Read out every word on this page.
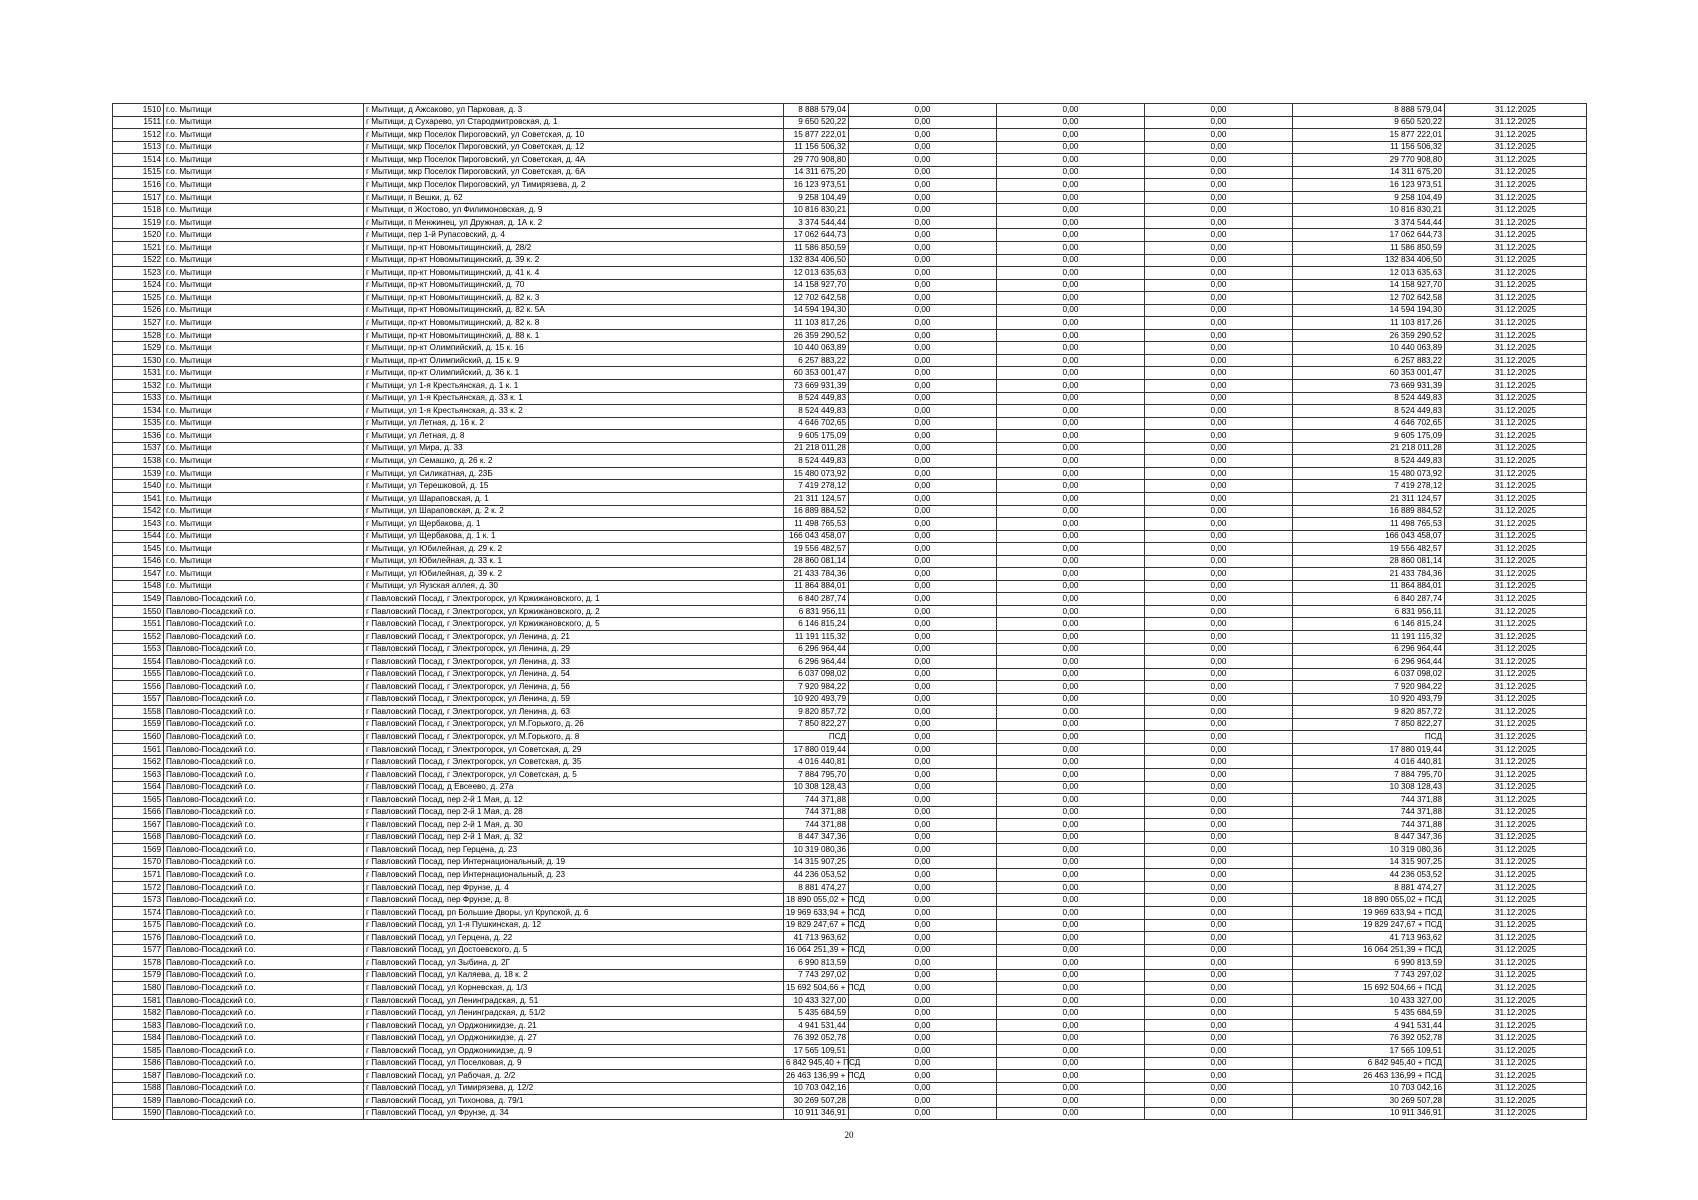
1510	г.о. Мытищи	г Мытищи, д Ажсаково, ул Парковая, д. 3	8 888 579,04	0,00	0,00	0,00	8 888 579,04	31.12.2025
1511	г.о. Мытищи	г Мытищи, д Сухарево, ул Стародмитровская, д. 1	9 650 520,22	0,00	0,00	0,00	9 650 520,22	31.12.2025
1512	г.о. Мытищи	г Мытищи, мкр Поселок Пироговский, ул Советская, д. 10	15 877 222,01	0,00	0,00	0,00	15 877 222,01	31.12.2025
1513	г.о. Мытищи	г Мытищи, мкр Поселок Пироговский, ул Советская, д. 12	11 156 506,32	0,00	0,00	0,00	11 156 506,32	31.12.2025
1514	г.о. Мытищи	г Мытищи, мкр Поселок Пироговский, ул Советская, д. 4А	29 770 908,80	0,00	0,00	0,00	29 770 908,80	31.12.2025
1515	г.о. Мытищи	г Мытищи, мкр Поселок Пироговский, ул Советская, д. 6А	14 311 675,20	0,00	0,00	0,00	14 311 675,20	31.12.2025
1516	г.о. Мытищи	г Мытищи, мкр Поселок Пироговский, ул Тимирязева, д. 2	16 123 973,51	0,00	0,00	0,00	16 123 973,51	31.12.2025
1517	г.о. Мытищи	г Мытищи, п Вешки, д. 62	9 258 104,49	0,00	0,00	0,00	9 258 104,49	31.12.2025
1518	г.о. Мытищи	г Мытищи, п Жостово, ул Филимоновская, д. 9	10 816 830,21	0,00	0,00	0,00	10 816 830,21	31.12.2025
1519	г.о. Мытищи	г Мытищи, п Менжинец, ул Дружная, д. 1А к. 2	3 374 544,44	0,00	0,00	0,00	3 374 544,44	31.12.2025
1520	г.о. Мытищи	г Мытищи, пер 1-й Рупасовский, д. 4	17 062 644,73	0,00	0,00	0,00	17 062 644,73	31.12.2025
1521	г.о. Мытищи	г Мытищи, пр-кт Новомытищинский, д. 28/2	11 586 850,59	0,00	0,00	0,00	11 586 850,59	31.12.2025
1522	г.о. Мытищи	г Мытищи, пр-кт Новомытищинский, д. 39 к. 2	132 834 406,50	0,00	0,00	0,00	132 834 406,50	31.12.2025
1523	г.о. Мытищи	г Мытищи, пр-кт Новомытищинский, д. 41 к. 4	12 013 635,63	0,00	0,00	0,00	12 013 635,63	31.12.2025
1524	г.о. Мытищи	г Мытищи, пр-кт Новомытищинский, д. 70	14 158 927,70	0,00	0,00	0,00	14 158 927,70	31.12.2025
1525	г.о. Мытищи	г Мытищи, пр-кт Новомытищинский, д. 82 к. 3	12 702 642,58	0,00	0,00	0,00	12 702 642,58	31.12.2025
1526	г.о. Мытищи	г Мытищи, пр-кт Новомытищинский, д. 82 к. 5А	14 594 194,30	0,00	0,00	0,00	14 594 194,30	31.12.2025
1527	г.о. Мытищи	г Мытищи, пр-кт Новомытищинский, д. 82 к. 8	11 103 817,26	0,00	0,00	0,00	11 103 817,26	31.12.2025
1528	г.о. Мытищи	г Мытищи, пр-кт Новомытищинский, д. 88 к. 1	26 359 290,52	0,00	0,00	0,00	26 359 290,52	31.12.2025
1529	г.о. Мытищи	г Мытищи, пр-кт Олимпийский, д. 15 к. 16	10 440 063,89	0,00	0,00	0,00	10 440 063,89	31.12.2025
1530	г.о. Мытищи	г Мытищи, пр-кт Олимпийский, д. 15 к. 9	6 257 883,22	0,00	0,00	0,00	6 257 883,22	31.12.2025
1531	г.о. Мытищи	г Мытищи, пр-кт Олимпийский, д. 36 к. 1	60 353 001,47	0,00	0,00	0,00	60 353 001,47	31.12.2025
1532	г.о. Мытищи	г Мытищи, ул 1-я Крестьянская, д. 1 к. 1	73 669 931,39	0,00	0,00	0,00	73 669 931,39	31.12.2025
1533	г.о. Мытищи	г Мытищи, ул 1-я Крестьянская, д. 33 к. 1	8 524 449,83	0,00	0,00	0,00	8 524 449,83	31.12.2025
1534	г.о. Мытищи	г Мытищи, ул 1-я Крестьянская, д. 33 к. 2	8 524 449,83	0,00	0,00	0,00	8 524 449,83	31.12.2025
1535	г.о. Мытищи	г Мытищи, ул Летная, д. 16 к. 2	4 646 702,65	0,00	0,00	0,00	4 646 702,65	31.12.2025
1536	г.о. Мытищи	г Мытищи, ул Летная, д. 8	9 605 175,09	0,00	0,00	0,00	9 605 175,09	31.12.2025
1537	г.о. Мытищи	г Мытищи, ул Мира, д. 33	21 218 011,28	0,00	0,00	0,00	21 218 011,28	31.12.2025
1538	г.о. Мытищи	г Мытищи, ул Семашко, д. 26 к. 2	8 524 449,83	0,00	0,00	0,00	8 524 449,83	31.12.2025
1539	г.о. Мытищи	г Мытищи, ул Силикатная, д. 23Б	15 480 073,92	0,00	0,00	0,00	15 480 073,92	31.12.2025
1540	г.о. Мытищи	г Мытищи, ул Терешковой, д. 15	7 419 278,12	0,00	0,00	0,00	7 419 278,12	31.12.2025
1541	г.о. Мытищи	г Мытищи, ул Шараповская, д. 1	21 311 124,57	0,00	0,00	0,00	21 311 124,57	31.12.2025
1542	г.о. Мытищи	г Мытищи, ул Шараповская, д. 2 к. 2	16 889 884,52	0,00	0,00	0,00	16 889 884,52	31.12.2025
1543	г.о. Мытищи	г Мытищи, ул Щербакова, д. 1	11 498 765,53	0,00	0,00	0,00	11 498 765,53	31.12.2025
1544	г.о. Мытищи	г Мытищи, ул Щербакова, д. 1 к. 1	166 043 458,07	0,00	0,00	0,00	166 043 458,07	31.12.2025
1545	г.о. Мытищи	г Мытищи, ул Юбилейная, д. 29 к. 2	19 556 482,57	0,00	0,00	0,00	19 556 482,57	31.12.2025
1546	г.о. Мытищи	г Мытищи, ул Юбилейная, д. 33 к. 1	28 860 081,14	0,00	0,00	0,00	28 860 081,14	31.12.2025
1547	г.о. Мытищи	г Мытищи, ул Юбилейная, д. 39 к. 2	21 433 784,36	0,00	0,00	0,00	21 433 784,36	31.12.2025
1548	г.о. Мытищи	г Мытищи, ул Яузская аллея, д. 30	11 864 884,01	0,00	0,00	0,00	11 864 884,01	31.12.2025
1549	Павлово-Посадский г.о.	г Павловский Посад, г Электрогорск, ул Кржижановского, д. 1	6 840 287,74	0,00	0,00	0,00	6 840 287,74	31.12.2025
1550	Павлово-Посадский г.о.	г Павловский Посад, г Электрогорск, ул Кржижановского, д. 2	6 831 956,11	0,00	0,00	0,00	6 831 956,11	31.12.2025
1551	Павлово-Посадский г.о.	г Павловский Посад, г Электрогорск, ул Кржижановского, д. 5	6 146 815,24	0,00	0,00	0,00	6 146 815,24	31.12.2025
1552	Павлово-Посадский г.о.	г Павловский Посад, г Электрогорск, ул Ленина, д. 21	11 191 115,32	0,00	0,00	0,00	11 191 115,32	31.12.2025
1553	Павлово-Посадский г.о.	г Павловский Посад, г Электрогорск, ул Ленина, д. 29	6 296 964,44	0,00	0,00	0,00	6 296 964,44	31.12.2025
1554	Павлово-Посадский г.о.	г Павловский Посад, г Электрогорск, ул Ленина, д. 33	6 296 964,44	0,00	0,00	0,00	6 296 964,44	31.12.2025
1555	Павлово-Посадский г.о.	г Павловский Посад, г Электрогорск, ул Ленина, д. 54	6 037 098,02	0,00	0,00	0,00	6 037 098,02	31.12.2025
1556	Павлово-Посадский г.о.	г Павловский Посад, г Электрогорск, ул Ленина, д. 56	7 920 984,22	0,00	0,00	0,00	7 920 984,22	31.12.2025
1557	Павлово-Посадский г.о.	г Павловский Посад, г Электрогорск, ул Ленина, д. 59	10 920 493,79	0,00	0,00	0,00	10 920 493,79	31.12.2025
1558	Павлово-Посадский г.о.	г Павловский Посад, г Электрогорск, ул Ленина, д. 63	9 820 857,72	0,00	0,00	0,00	9 820 857,72	31.12.2025
1559	Павлово-Посадский г.о.	г Павловский Посад, г Электрогорск, ул М.Горького, д. 26	7 850 822,27	0,00	0,00	0,00	7 850 822,27	31.12.2025
1560	Павлово-Посадский г.о.	г Павловский Посад, г Электрогорск, ул М.Горького, д. 8	ПСД	0,00	0,00	0,00	ПСД	31.12.2025
1561	Павлово-Посадский г.о.	г Павловский Посад, г Электрогорск, ул Советская, д. 29	17 880 019,44	0,00	0,00	0,00	17 880 019,44	31.12.2025
1562	Павлово-Посадский г.о.	г Павловский Посад, г Электрогорск, ул Советская, д. 35	4 016 440,81	0,00	0,00	0,00	4 016 440,81	31.12.2025
1563	Павлово-Посадский г.о.	г Павловский Посад, г Электрогорск, ул Советская, д. 5	7 884 795,70	0,00	0,00	0,00	7 884 795,70	31.12.2025
1564	Павлово-Посадский г.о.	г Павловский Посад, д Евсеево, д. 27а	10 308 128,43	0,00	0,00	0,00	10 308 128,43	31.12.2025
1565	Павлово-Посадский г.о.	г Павловский Посад, пер 2-й 1 Мая, д. 12	744 371,88	0,00	0,00	0,00	744 371,88	31.12.2025
1566	Павлово-Посадский г.о.	г Павловский Посад, пер 2-й 1 Мая, д. 28	744 371,88	0,00	0,00	0,00	744 371,88	31.12.2025
1567	Павлово-Посадский г.о.	г Павловский Посад, пер 2-й 1 Мая, д. 30	744 371,88	0,00	0,00	0,00	744 371,88	31.12.2025
1568	Павлово-Посадский г.о.	г Павловский Посад, пер 2-й 1 Мая, д. 32	8 447 347,36	0,00	0,00	0,00	8 447 347,36	31.12.2025
1569	Павлово-Посадский г.о.	г Павловский Посад, пер Герцена, д. 23	10 319 080,36	0,00	0,00	0,00	10 319 080,36	31.12.2025
1570	Павлово-Посадский г.о.	г Павловский Посад, пер Интернациональный, д. 19	14 315 907,25	0,00	0,00	0,00	14 315 907,25	31.12.2025
1571	Павлово-Посадский г.о.	г Павловский Посад, пер Интернациональный, д. 23	44 236 053,52	0,00	0,00	0,00	44 236 053,52	31.12.2025
1572	Павлово-Посадский г.о.	г Павловский Посад, пер Фрунзе, д. 4	8 881 474,27	0,00	0,00	0,00	8 881 474,27	31.12.2025
1573	Павлово-Посадский г.о.	г Павловский Посад, пер Фрунзе, д. 8	18 890 055,02 + ПСД	0,00	0,00	0,00	18 890 055,02 + ПСД	31.12.2025
1574	Павлово-Посадский г.о.	г Павловский Посад, рп Большие Дворы, ул Крупской, д. 6	19 969 633,94 + ПСД	0,00	0,00	0,00	19 969 633,94 + ПСД	31.12.2025
1575	Павлово-Посадский г.о.	г Павловский Посад, ул 1-я Пушкинская, д. 12	19 829 247,67 + ПСД	0,00	0,00	0,00	19 829 247,67 + ПСД	31.12.2025
1576	Павлово-Посадский г.о.	г Павловский Посад, ул Герцена, д. 22	41 713 963,62	0,00	0,00	0,00	41 713 963,62	31.12.2025
1577	Павлово-Посадский г.о.	г Павловский Посад, ул Достоевского, д. 5	16 064 251,39 + ПСД	0,00	0,00	0,00	16 064 251,39 + ПСД	31.12.2025
1578	Павлово-Посадский г.о.	г Павловский Посад, ул Зыбина, д. 2Г	6 990 813,59	0,00	0,00	0,00	6 990 813,59	31.12.2025
1579	Павлово-Посадский г.о.	г Павловский Посад, ул Каляева, д. 18 к. 2	7 743 297,02	0,00	0,00	0,00	7 743 297,02	31.12.2025
1580	Павлово-Посадский г.о.	г Павловский Посад, ул Корневская, д. 1/3	15 692 504,66 + ПСД	0,00	0,00	0,00	15 692 504,66 + ПСД	31.12.2025
1581	Павлово-Посадский г.о.	г Павловский Посад, ул Ленинградская, д. 51	10 433 327,00	0,00	0,00	0,00	10 433 327,00	31.12.2025
1582	Павлово-Посадский г.о.	г Павловский Посад, ул Ленинградская, д. 51/2	5 435 684,59	0,00	0,00	0,00	5 435 684,59	31.12.2025
1583	Павлово-Посадский г.о.	г Павловский Посад, ул Орджоникидзе, д. 21	4 941 531,44	0,00	0,00	0,00	4 941 531,44	31.12.2025
1584	Павлово-Посадский г.о.	г Павловский Посад, ул Орджоникидзе, д. 27	76 392 052,78	0,00	0,00	0,00	76 392 052,78	31.12.2025
1585	Павлово-Посадский г.о.	г Павловский Посад, ул Орджоникидзе, д. 9	17 565 109,51	0,00	0,00	0,00	17 565 109,51	31.12.2025
1586	Павлово-Посадский г.о.	г Павловский Посад, ул Поселковая, д. 9	6 842 945,40 + ПСД	0,00	0,00	0,00	6 842 945,40 + ПСД	31.12.2025
1587	Павлово-Посадский г.о.	г Павловский Посад, ул Рабочая, д. 2/2	26 463 136,99 + ПСД	0,00	0,00	0,00	26 463 136,99 + ПСД	31.12.2025
1588	Павлово-Посадский г.о.	г Павловский Посад, ул Тимирязева, д. 12/2	10 703 042,16	0,00	0,00	0,00	10 703 042,16	31.12.2025
1589	Павлово-Посадский г.о.	г Павловский Посад, ул Тихонова, д. 79/1	30 269 507,28	0,00	0,00	0,00	30 269 507,28	31.12.2025
1590	Павлово-Посадский г.о.	г Павловский Посад, ул Фрунзе, д. 34	10 911 346,91	0,00	0,00	0,00	10 911 346,91	31.12.2025
20
